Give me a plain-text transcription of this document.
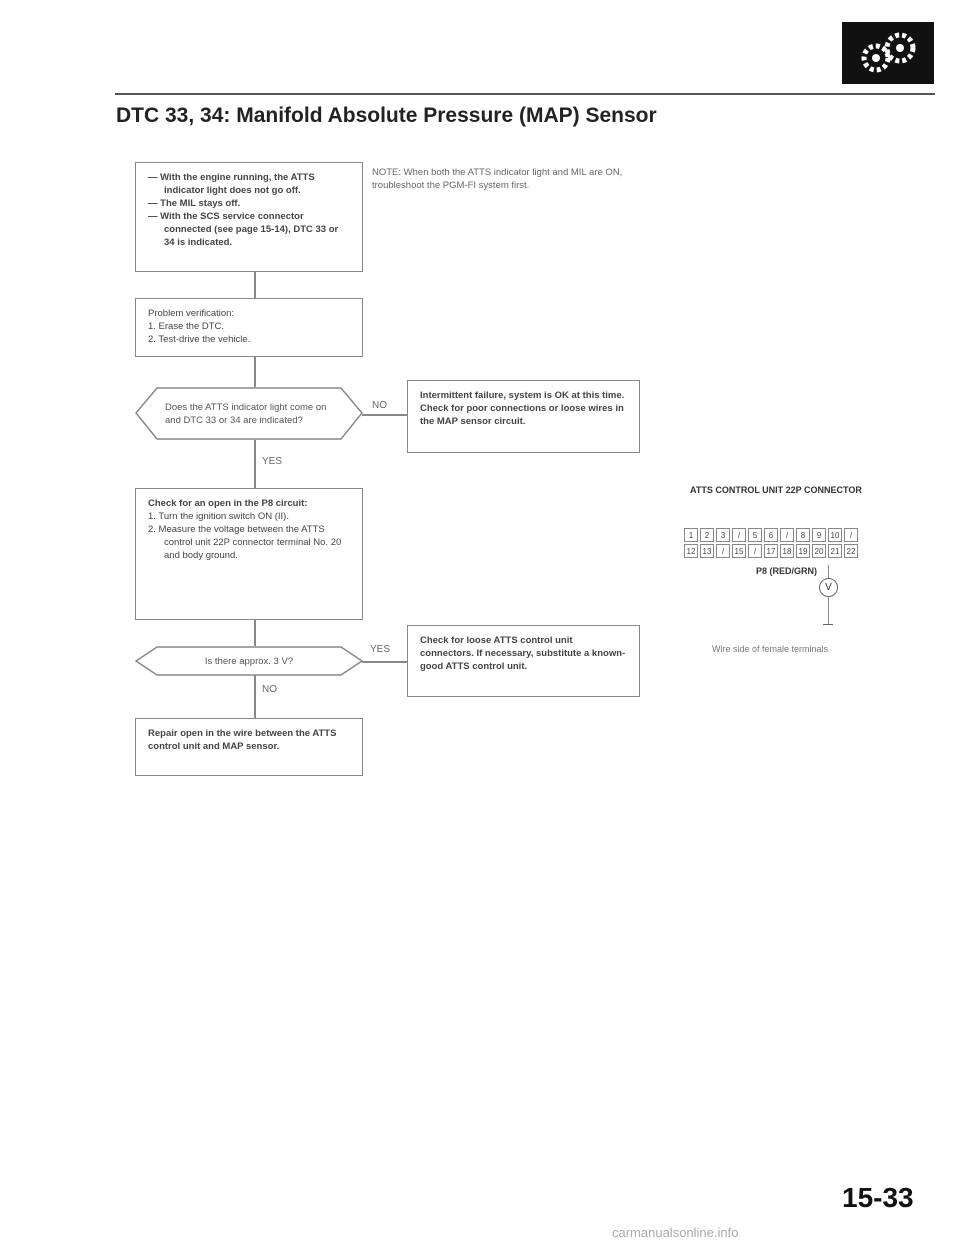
DTC 33, 34: Manifold Absolute Pressure (MAP) Sensor
— With the engine running, the ATTS indicator light does not go off.
— The MIL stays off.
— With the SCS service connector connected (see page 15-14), DTC 33 or 34 is indicated.
NOTE: When both the ATTS indicator light and MIL are ON, troubleshoot the PGM-FI system first.
Problem verification:
1. Erase the DTC.
2. Test-drive the vehicle.
Does the ATTS indicator light come on and DTC 33 or 34 are indicated?
NO
YES
Intermittent failure, system is OK at this time. Check for poor connections or loose wires in the MAP sensor circuit.
Check for an open in the P8 circuit:
1. Turn the ignition switch ON (II).
2. Measure the voltage between the ATTS control unit 22P connector terminal No. 20 and body ground.
Is there approx. 3 V?
YES
NO
Check for loose ATTS control unit connectors. If necessary, substitute a known-good ATTS control unit.
Repair open in the wire between the ATTS control unit and MAP sensor.
ATTS CONTROL UNIT 22P CONNECTOR
1	2	3	/	5	6	/	8	9	10	/
12 13	/	15	/	17 18 19 20 21 22
P8 (RED/GRN)
V
Wire side of female terminals
15-33
carmanualsonline.info
